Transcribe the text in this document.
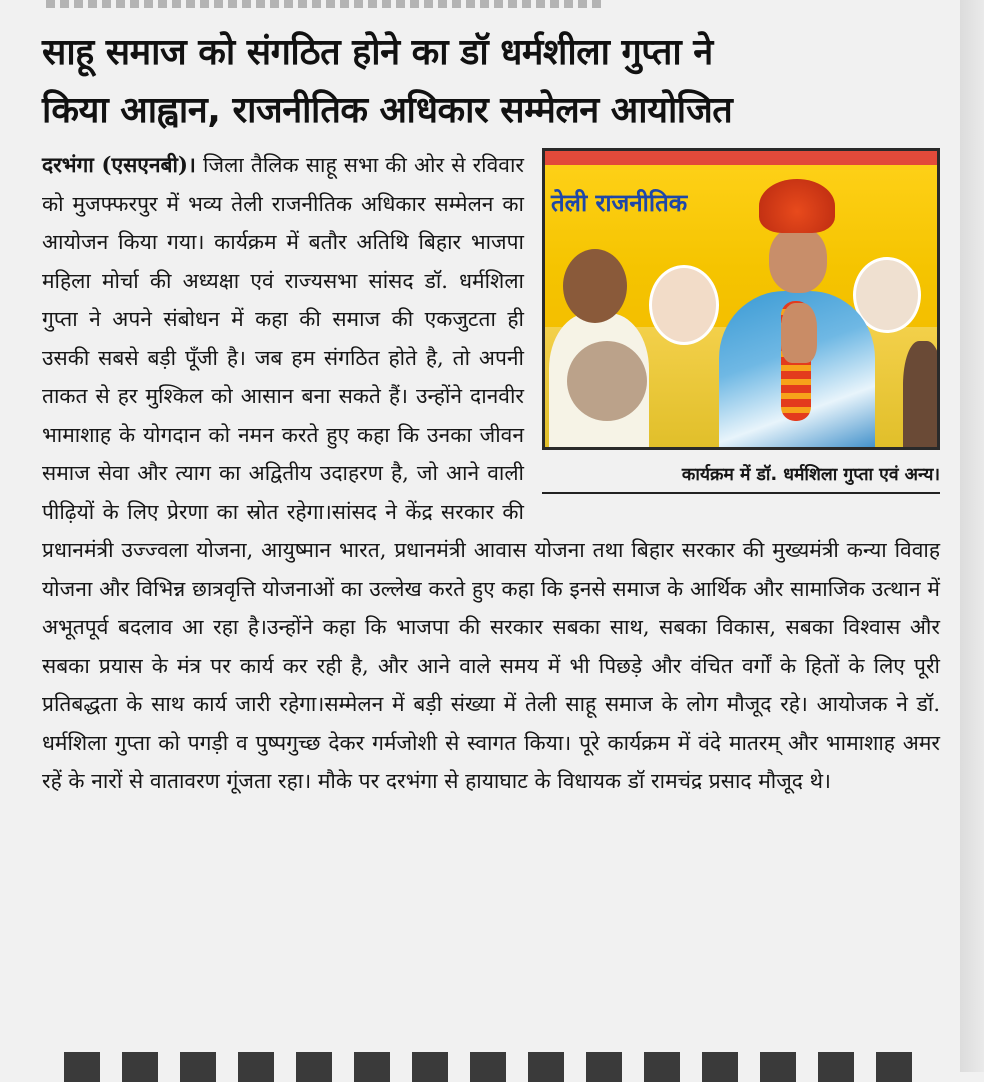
साहू समाज को संगठित होने का डॉ धर्मशीला गुप्ता ने
किया आह्वान, राजनीतिक अधिकार सम्मेलन आयोजित
तेली राजनीतिक
कार्यक्रम में डॉ. धर्मशिला गुप्ता एवं अन्य।
दरभंगा (एसएनबी)। जिला तैलिक साहू सभा की ओर से रविवार को मुजफ्फरपुर में भव्य तेली राजनीतिक अधिकार सम्मेलन का आयोजन किया गया। कार्यक्रम में बतौर अतिथि बिहार भाजपा महिला मोर्चा की अध्यक्षा एवं राज्यसभा सांसद डॉ. धर्मशिला गुप्ता ने अपने संबोधन में कहा की समाज की एकजुटता ही उसकी सबसे बड़ी पूँजी है। जब हम संगठित होते है, तो अपनी ताकत से हर मुश्किल को आसान बना सकते हैं। उन्होंने दानवीर भामाशाह के योगदान को नमन करते हुए कहा कि उनका जीवन समाज सेवा और त्याग का अद्वितीय उदाहरण है, जो आने वाली पीढ़ियों के लिए प्रेरणा का स्रोत रहेगा।सांसद ने केंद्र सरकार की प्रधानमंत्री उज्ज्वला योजना, आयुष्मान भारत, प्रधानमंत्री आवास योजना तथा बिहार सरकार की मुख्यमंत्री कन्या विवाह योजना और विभिन्न छात्रवृत्ति योजनाओं का उल्लेख करते हुए कहा कि इनसे समाज के आर्थिक और सामाजिक उत्थान में अभूतपूर्व बदलाव आ रहा है।उन्होंने कहा कि भाजपा की सरकार सबका साथ, सबका विकास, सबका विश्वास और सबका प्रयास के मंत्र पर कार्य कर रही है, और आने वाले समय में भी पिछड़े और वंचित वर्गों के हितों के लिए पूरी प्रतिबद्धता के साथ कार्य जारी रहेगा।सम्मेलन में बड़ी संख्या में तेली साहू समाज के लोग मौजूद रहे। आयोजक ने डॉ. धर्मशिला गुप्ता को पगड़ी व पुष्पगुच्छ देकर गर्मजोशी से स्वागत किया। पूरे कार्यक्रम में वंदे मातरम् और भामाशाह अमर रहें के नारों से वातावरण गूंजता रहा। मौके पर दरभंगा से हायाघाट के विधायक डॉ रामचंद्र प्रसाद मौजूद थे।
